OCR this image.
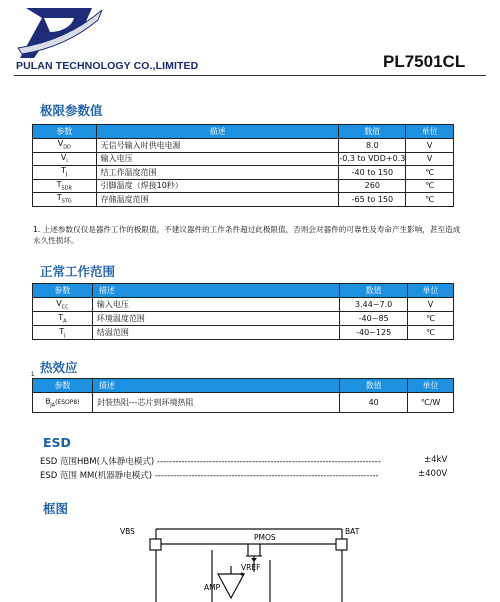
PULAN TECHNOLOGY CO.,LIMITED	PL7501CL
极限参数值
参数	描述	数值	单位
$V_{DD}$	无信号输入时供电电源	8.0	V
$V_I$	输入电压	-0.3 to VDD+0.3	V
$T_J$	结工作温度范围	-40 to 150	℃
$T_{SDR}$	引脚温度（焊接10秒）	260	℃
$T_{STG}$	存储温度范围	-65 to 150	℃
1. 上述参数仅仅是器件工作的极限值，不建议器件的工作条件超过此极限值，否则会对器件的可靠性及寿命产生影响，甚至造成永久性损坏。
正常工作范围
参数	描述	数值	单位
$V_{CC}$	输入电压	3.44~7.0	V
$T_A$	环境温度范围	-40~85	℃
$T_j$	结温范围	-40~125	℃
热效应
1
参数	描述	数值	单位
$\theta_{JA}(ESOP8)$	封装热阻---芯片到环境热阻	40	℃/W
ESD
ESD 范围HBM(人体静电模式) -------------------------------------------------------------------------	±4kV
ESD 范围 MM(机器静电模式) -------------------------------------------------------------------------	±400V
框图
VBS	BAT
PMOS
VREF
AMP
